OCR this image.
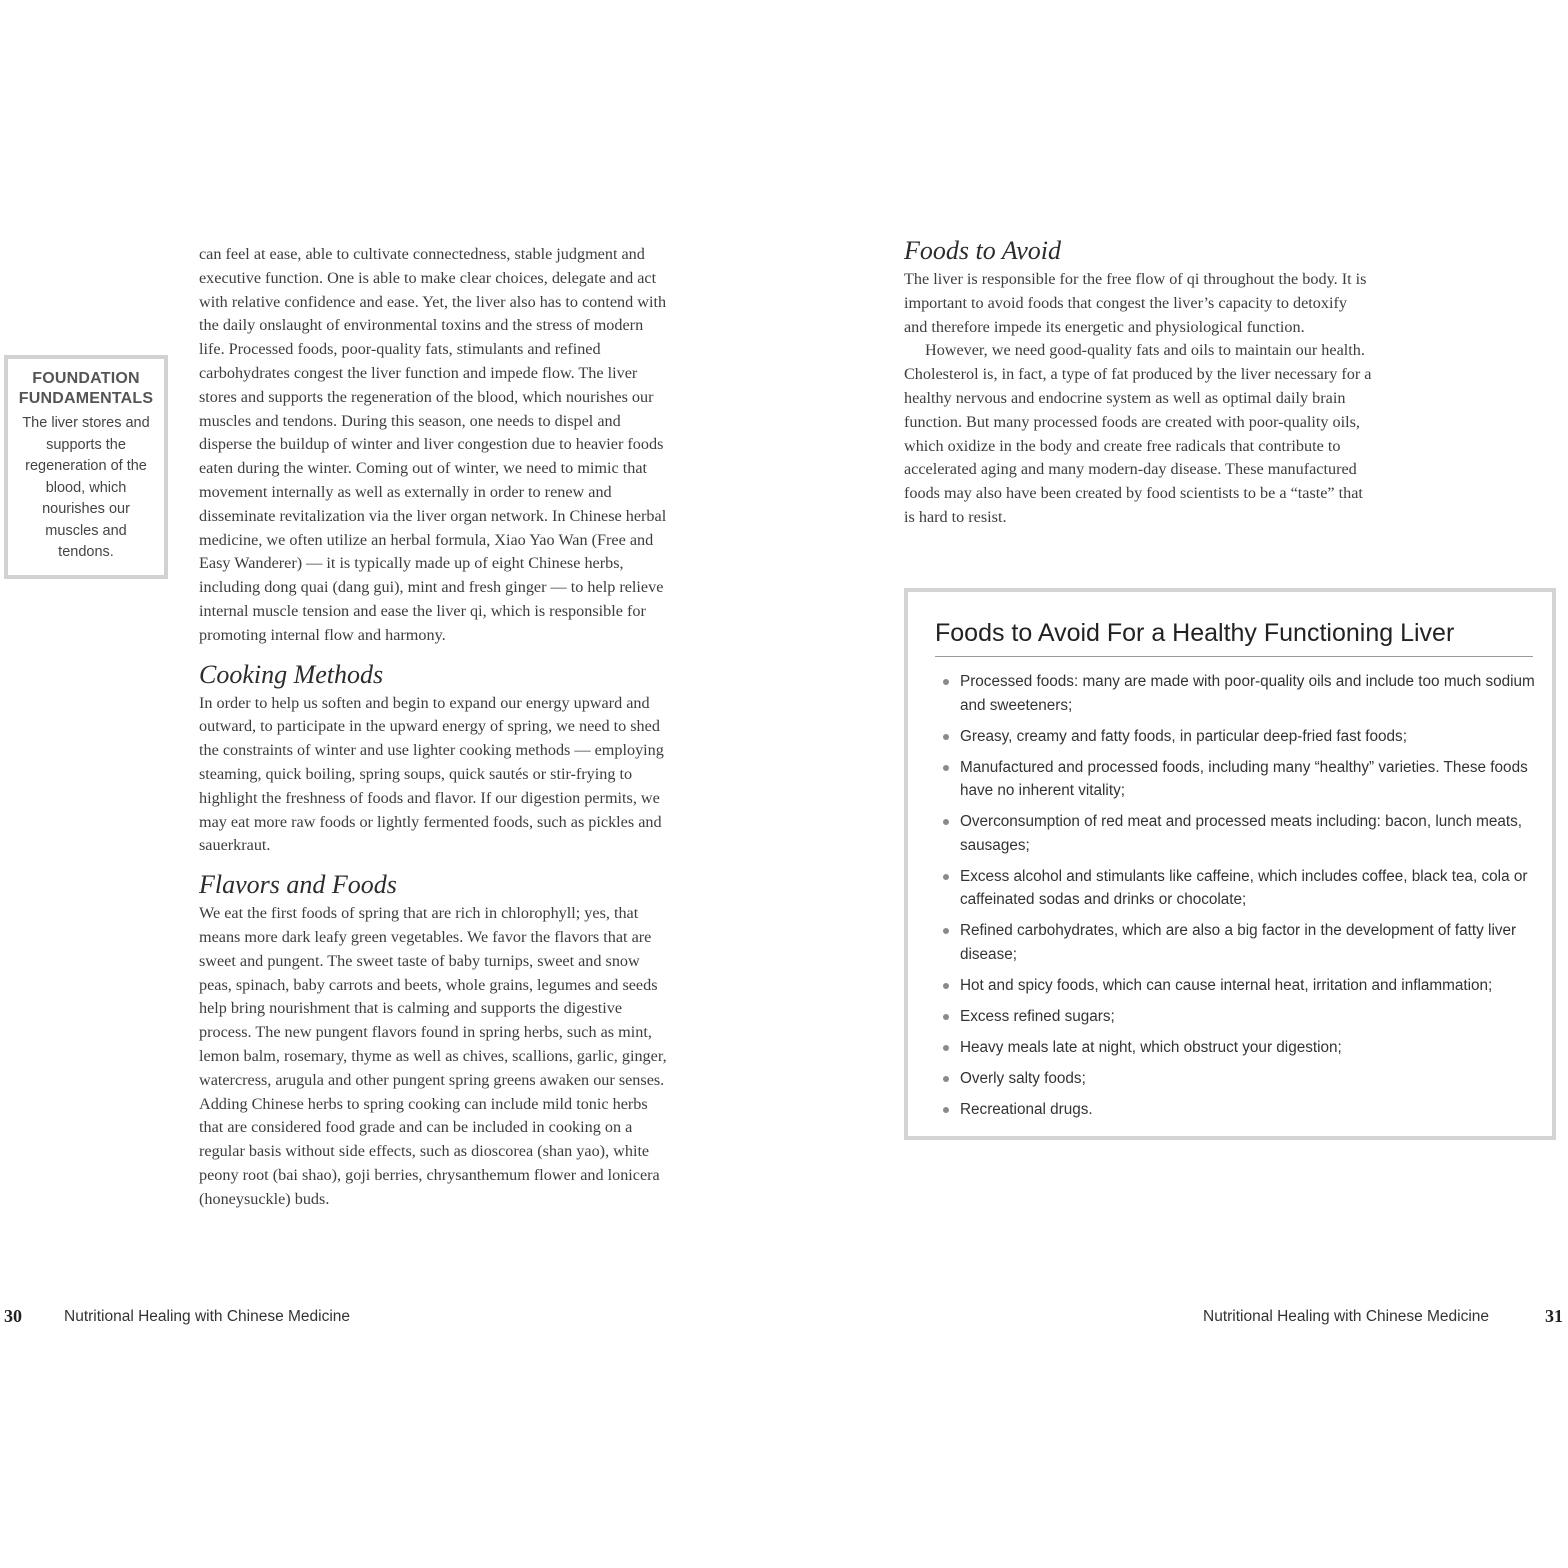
FOUNDATION
FUNDAMENTALS
The liver stores and supports the regeneration of the blood, which nourishes our muscles and tendons.

can feel at ease, able to cultivate connectedness, stable judgment and executive function. One is able to make clear choices, delegate and act with relative confidence and ease. Yet, the liver also has to contend with the daily onslaught of environmental toxins and the stress of modern life. Processed foods, poor-quality fats, stimulants and refined carbohydrates congest the liver function and impede flow. The liver stores and supports the regeneration of the blood, which nourishes our muscles and tendons. During this season, one needs to dispel and disperse the buildup of winter and liver congestion due to heavier foods eaten during the winter. Coming out of winter, we need to mimic that movement internally as well as externally in order to renew and disseminate revitalization via the liver organ network. In Chinese herbal medicine, we often utilize an herbal formula, Xiao Yao Wan (Free and Easy Wanderer) — it is typically made up of eight Chinese herbs, including dong quai (dang gui), mint and fresh ginger — to help relieve internal muscle tension and ease the liver qi, which is responsible for promoting internal flow and harmony.

Cooking Methods

In order to help us soften and begin to expand our energy upward and outward, to participate in the upward energy of spring, we need to shed the constraints of winter and use lighter cooking methods — employing steaming, quick boiling, spring soups, quick sautés or stir-frying to highlight the freshness of foods and flavor. If our digestion permits, we may eat more raw foods or lightly fermented foods, such as pickles and sauerkraut.

Flavors and Foods

We eat the first foods of spring that are rich in chlorophyll; yes, that means more dark leafy green vegetables. We favor the flavors that are sweet and pungent. The sweet taste of baby turnips, sweet and snow peas, spinach, baby carrots and beets, whole grains, legumes and seeds help bring nourishment that is calming and supports the digestive process. The new pungent flavors found in spring herbs, such as mint, lemon balm, rosemary, thyme as well as chives, scallions, garlic, ginger, watercress, arugula and other pungent spring greens awaken our senses. Adding Chinese herbs to spring cooking can include mild tonic herbs that are considered food grade and can be included in cooking on a regular basis without side effects, such as dioscorea (shan yao), white peony root (bai shao), goji berries, chrysanthemum flower and lonicera (honeysuckle) buds.

Foods to Avoid

The liver is responsible for the free flow of qi throughout the body. It is important to avoid foods that congest the liver’s capacity to detoxify and therefore impede its energetic and physiological function.

However, we need good-quality fats and oils to maintain our health. Cholesterol is, in fact, a type of fat produced by the liver necessary for a healthy nervous and endocrine system as well as optimal daily brain function. But many processed foods are created with poor-quality oils, which oxidize in the body and create free radicals that contribute to accelerated aging and many modern-day disease. These manufactured foods may also have been created by food scientists to be a “taste” that is hard to resist.

Foods to Avoid For a Healthy Functioning Liver
Processed foods: many are made with poor-quality oils and include too much sodium and sweeteners;
Greasy, creamy and fatty foods, in particular deep-fried fast foods;
Manufactured and processed foods, including many “healthy” varieties. These foods have no inherent vitality;
Overconsumption of red meat and processed meats including: bacon, lunch meats, sausages;
Excess alcohol and stimulants like caffeine, which includes coffee, black tea, cola or caffeinated sodas and drinks or chocolate;
Refined carbohydrates, which are also a big factor in the development of fatty liver disease;
Hot and spicy foods, which can cause internal heat, irritation and inflammation;
Excess refined sugars;
Heavy meals late at night, which obstruct your digestion;
Overly salty foods;
Recreational drugs.
30	Nutritional Healing with Chinese Medicine	Nutritional Healing with Chinese Medicine	31
